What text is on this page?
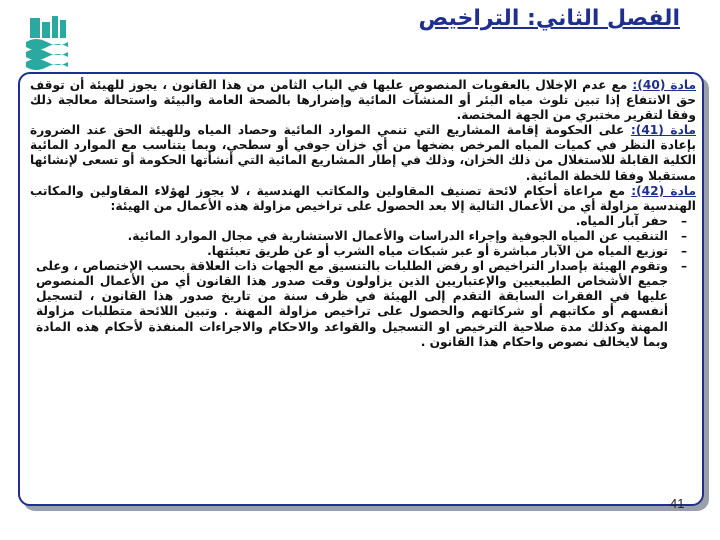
الفصل الثاني: التراخيص

مادة (40): مع عدم الإخلال بالعقوبات المنصوص عليها في الباب الثامن من هذا القانون ، يجوز للهيئة أن توقف حق الانتفاع إذا تبين تلوث مياه البئر أو المنشآت المائية وإضرارها بالصحة العامة والبيئة واستحالة معالجة ذلك وفقا لتقرير مختبري من الجهة المختصة.

مادة (41): على الحكومة إقامة المشاريع التي تنمي الموارد المائية وحصاد المياه وللهيئة الحق عند الضرورة بإعادة النظر في كميات المياه المرخص بضخها من أي خزان جوفي أو سطحي، وبما يتناسب مع الموارد المائية الكلية القابلة للاستغلال من ذلك الخزان، وذلك في إطار المشاريع المائية التي أنشأتها الحكومة أو تسعى لإنشائها مستقبلا وفقا للخطة المائية.

مادة (42): مع مراعاة أحكام لائحة تصنيف المقاولين والمكاتب الهندسية ، لا يجوز لهؤلاء المقاولين والمكاتب الهندسية مزاولة أي من الأعمال التالية إلا بعد الحصول على تراخيص مزاولة هذه الأعمال من الهيئة:

–
حفر آبار المياه.
–
التنقيب عن المياه الجوفية وإجراء الدراسات والأعمال الاستشارية في مجال الموارد المائية.
–
توزيع المياه من الآبار مباشرة أو عبر شبكات مياه الشرب أو عن طريق تعبئتها.
–
وتقوم الهيئة بإصدار التراخيص او رفض الطلبات بالتنسيق مع الجهات ذات العلاقة بحسب الإختصاص ، وعلى جميع الأشخاص الطبيعيين والإعتباريين الذين يزاولون وقت صدور هذا القانون أي من الأعمال المنصوص عليها في الفقرات السابقة التقدم إلى الهيئة في ظرف سنة من تاريخ صدور هذا القانون ، لتسجيل أنفسهم أو مكاتبهم أو شركاتهم والحصول على تراخيص مزاولة المهنة . وتبين اللائحة متطلبات مزاولة المهنة وكذلك مدة صلاحية الترخيص او التسجيل والقواعد والاحكام والاجراءات المنفذة لأحكام هذه المادة وبما لايخالف نصوص واحكام هذا القانون .
41
